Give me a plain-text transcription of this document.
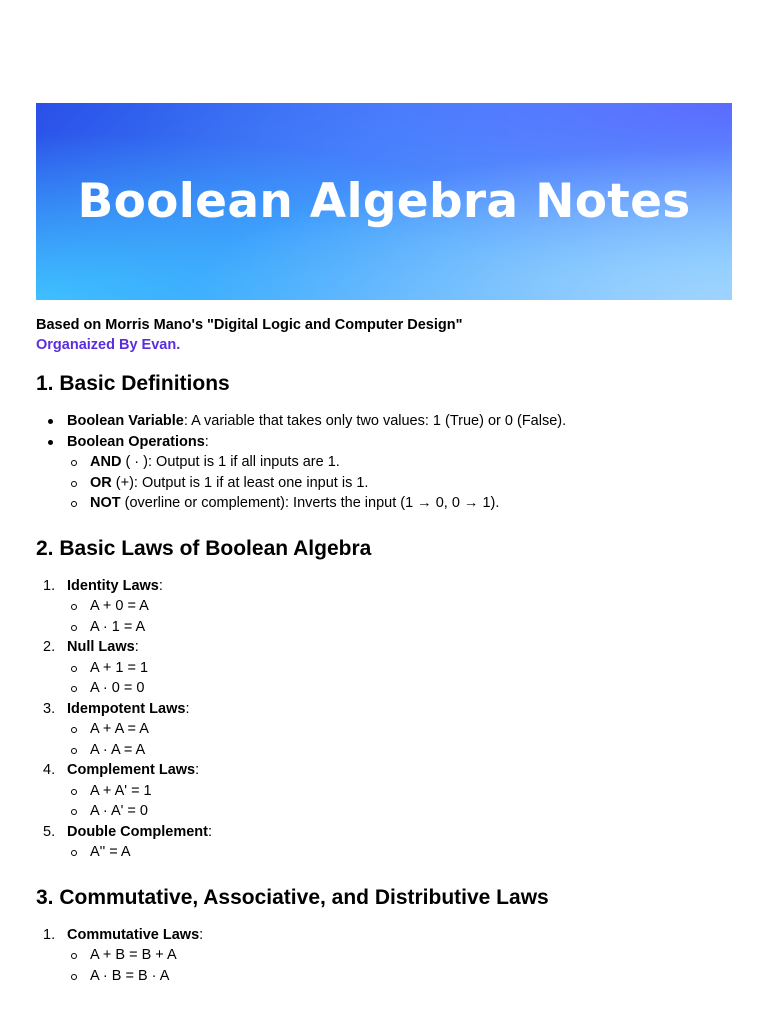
Boolean Algebra Notes
Based on Morris Mano's "Digital Logic and Computer Design"
Organaized By Evan.
1. Basic Definitions
Boolean Variable: A variable that takes only two values: 1 (True) or 0 (False).
Boolean Operations:
AND ( · ): Output is 1 if all inputs are 1.
OR (+): Output is 1 if at least one input is 1.
NOT (overline or complement): Inverts the input (1 → 0, 0 → 1).
2. Basic Laws of Boolean Algebra
1. Identity Laws:
A + 0 = A
A · 1 = A
2. Null Laws:
A + 1 = 1
A · 0 = 0
3. Idempotent Laws:
A + A = A
A · A = A
4. Complement Laws:
A + A' = 1
A · A' = 0
5. Double Complement:
A'' = A
3. Commutative, Associative, and Distributive Laws
1. Commutative Laws:
A + B = B + A
A · B = B · A
